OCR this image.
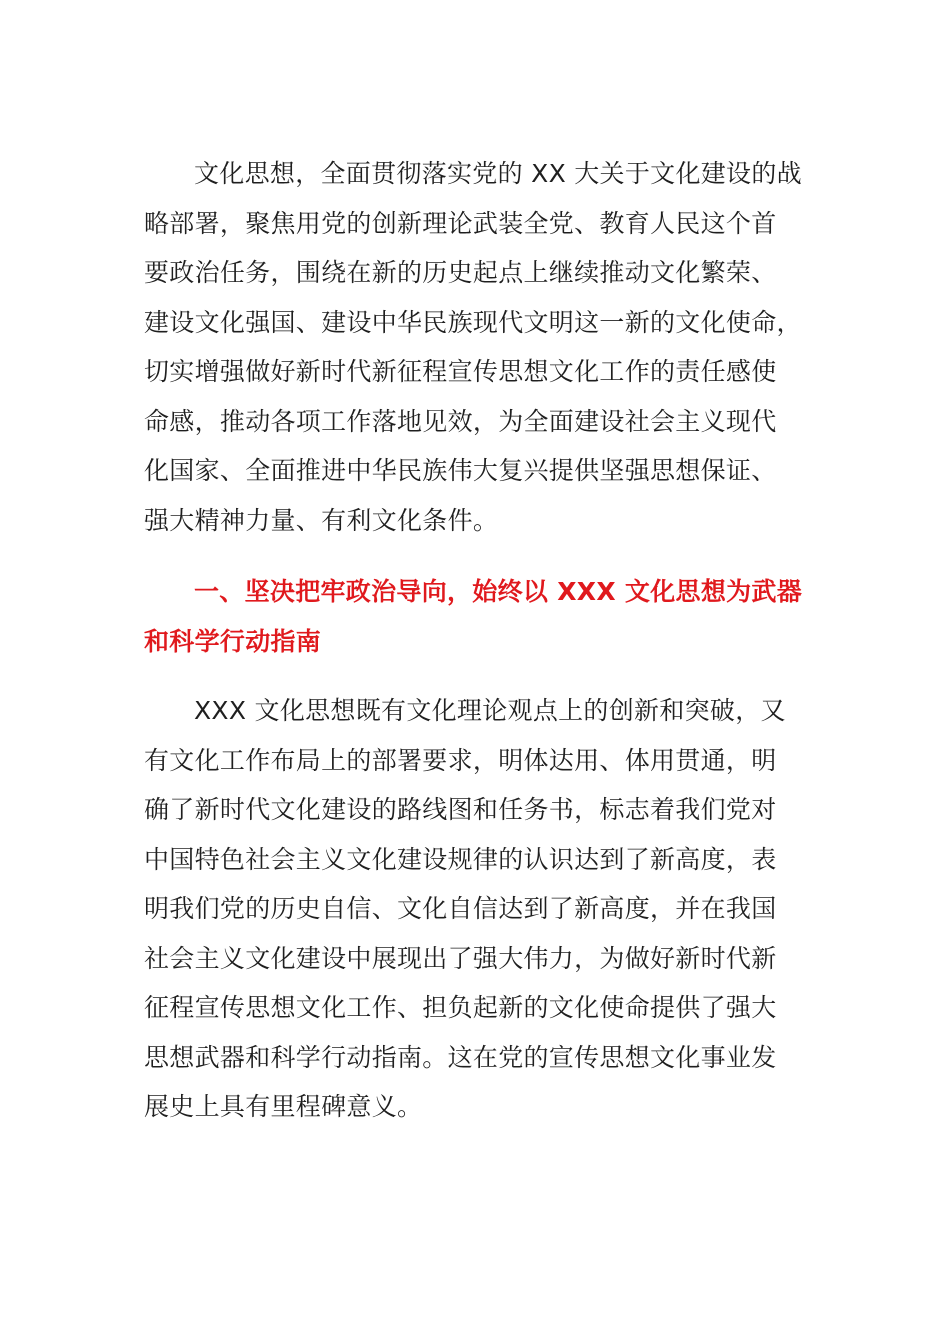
文化思想，全面贯彻落实党的 XX 大关于文化建设的战
略部署，聚焦用党的创新理论武装全党、教育人民这个首
要政治任务，围绕在新的历史起点上继续推动文化繁荣、
建设文化强国、建设中华民族现代文明这一新的文化使命，
切实增强做好新时代新征程宣传思想文化工作的责任感使
命感，推动各项工作落地见效，为全面建设社会主义现代
化国家、全面推进中华民族伟大复兴提供坚强思想保证、
强大精神力量、有利文化条件。

一、坚决把牢政治导向，始终以 XXX 文化思想为武器
和科学行动指南

XXX 文化思想既有文化理论观点上的创新和突破，又
有文化工作布局上的部署要求，明体达用、体用贯通，明
确了新时代文化建设的路线图和任务书，标志着我们党对
中国特色社会主义文化建设规律的认识达到了新高度，表
明我们党的历史自信、文化自信达到了新高度，并在我国
社会主义文化建设中展现出了强大伟力，为做好新时代新
征程宣传思想文化工作、担负起新的文化使命提供了强大
思想武器和科学行动指南。这在党的宣传思想文化事业发
展史上具有里程碑意义。
